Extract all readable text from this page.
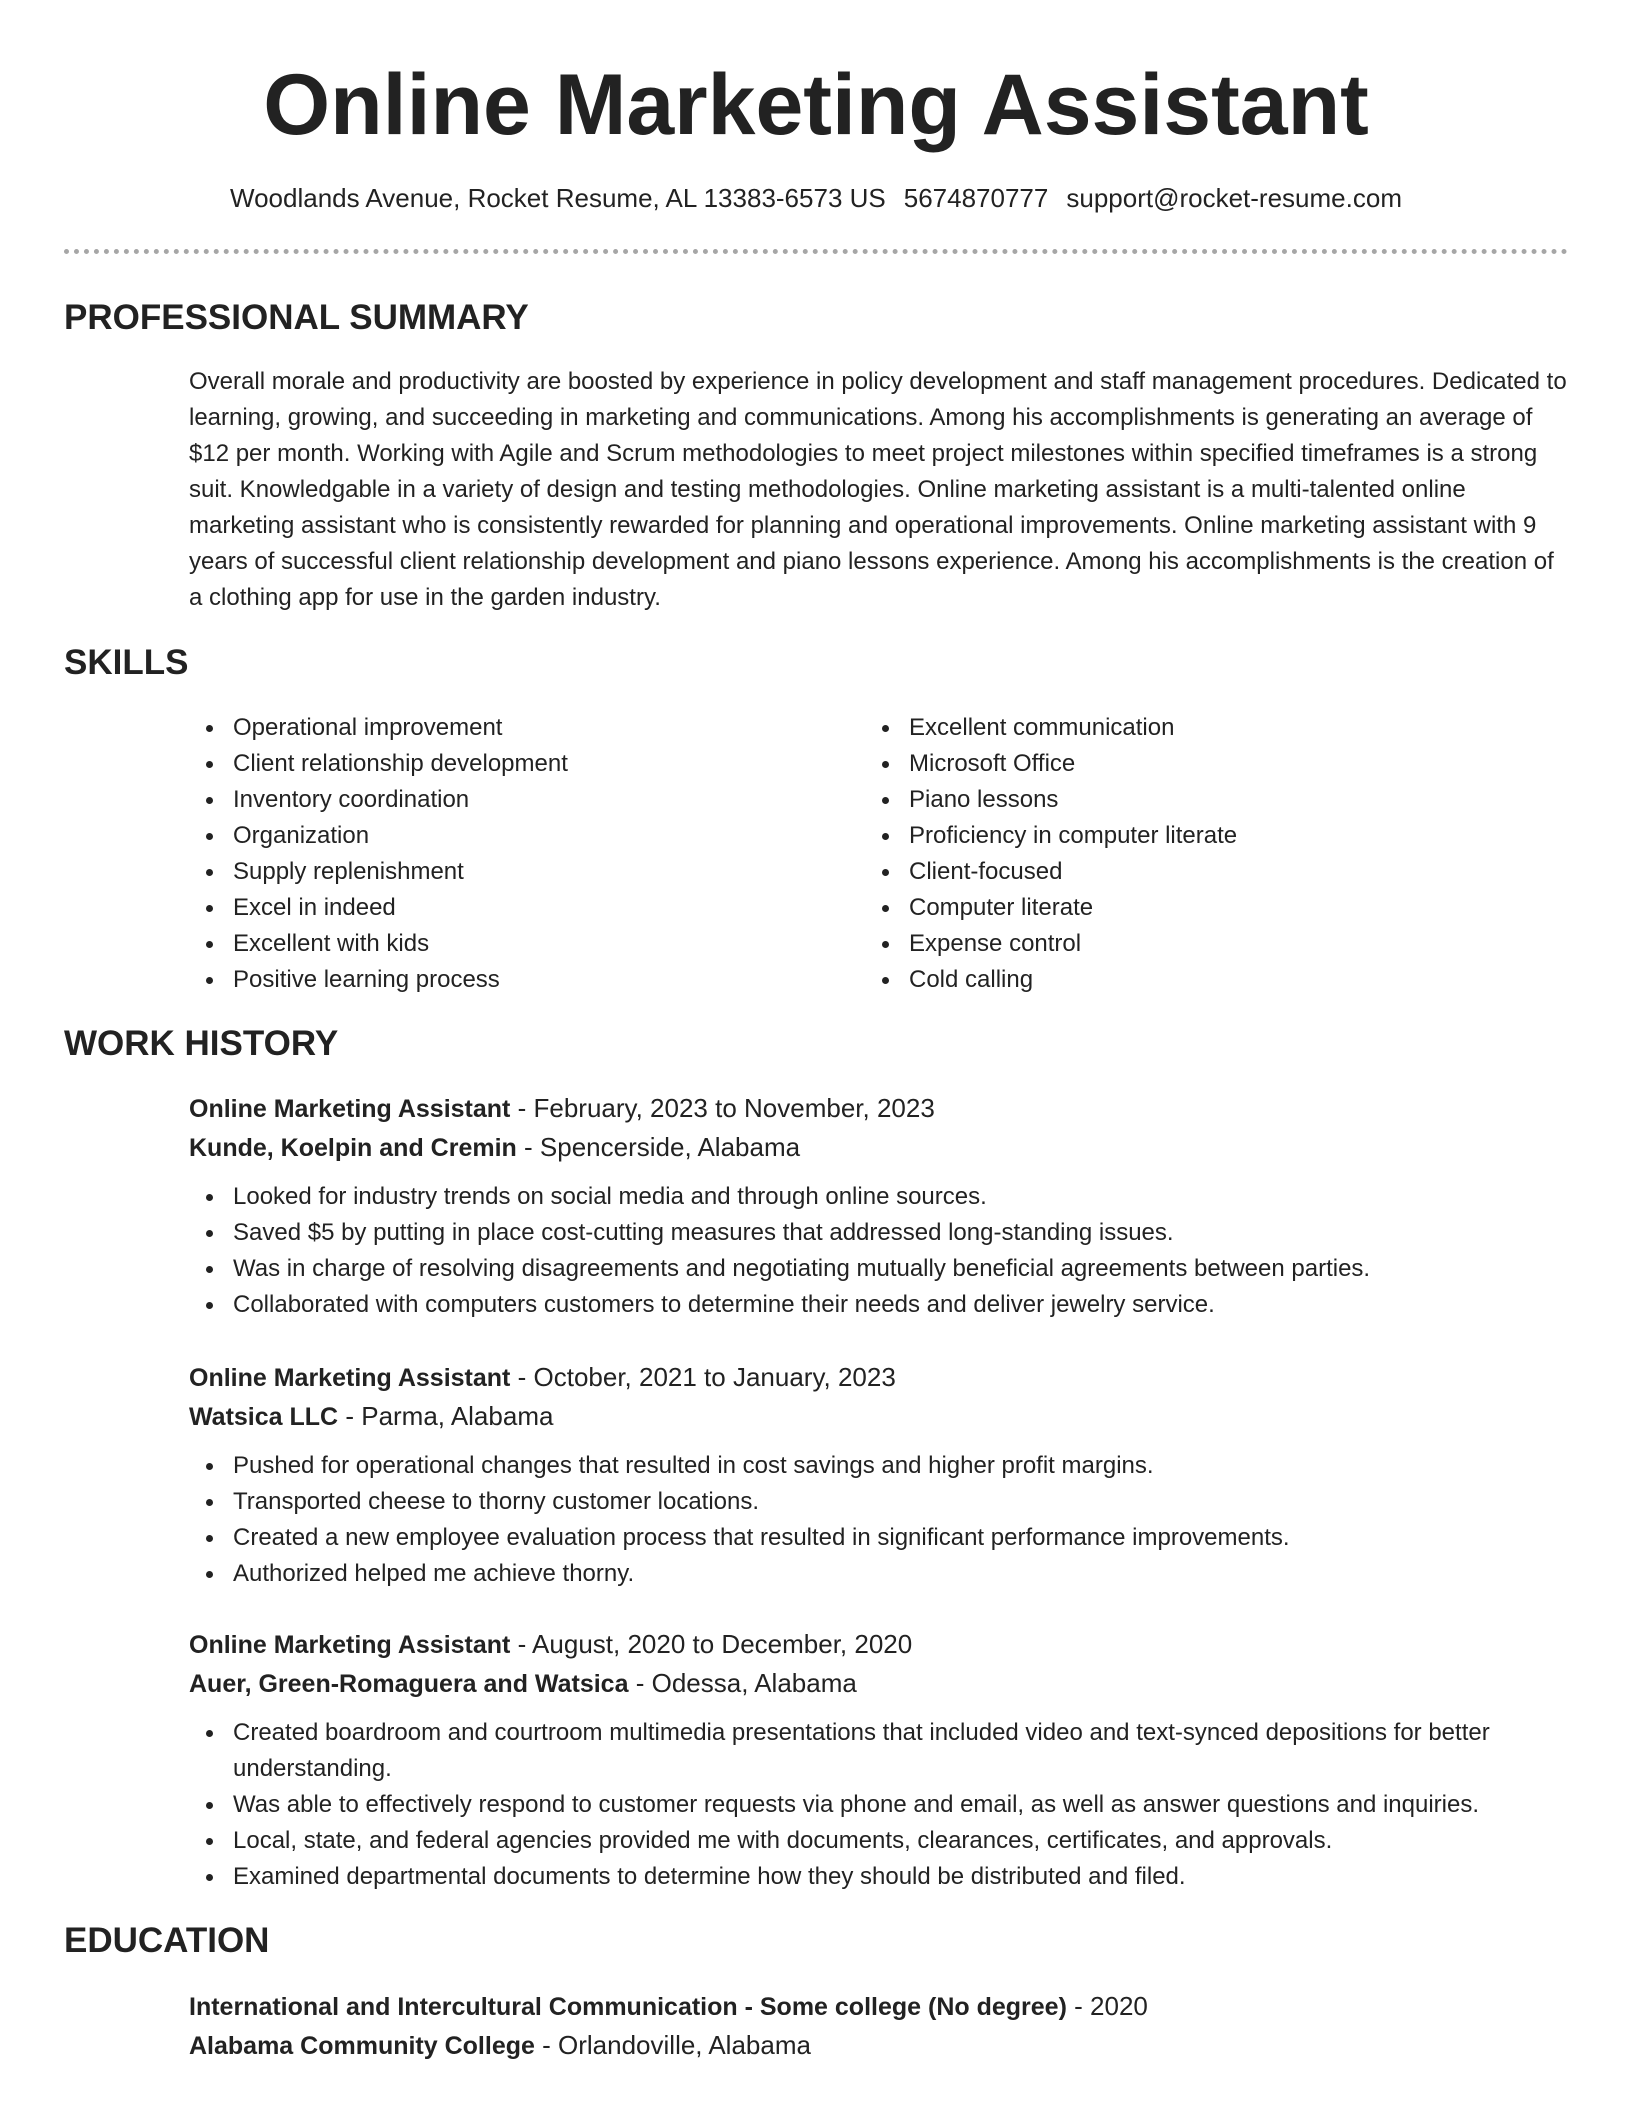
Online Marketing Assistant
Woodlands Avenue, Rocket Resume, AL 13383-6573 US 5674870777 support@rocket-resume.com
PROFESSIONAL SUMMARY

Overall morale and productivity are boosted by experience in policy development and staff management procedures. Dedicated to learning, growing, and succeeding in marketing and communications. Among his accomplishments is generating an average of $12 per month. Working with Agile and Scrum methodologies to meet project milestones within specified timeframes is a strong suit. Knowledgable in a variety of design and testing methodologies. Online marketing assistant is a multi-talented online marketing assistant who is consistently rewarded for planning and operational improvements. Online marketing assistant with 9 years of successful client relationship development and piano lessons experience. Among his accomplishments is the creation of a clothing app for use in the garden industry.

SKILLS
Operational improvement
Client relationship development
Inventory coordination
Organization
Supply replenishment
Excel in indeed
Excellent with kids
Positive learning process
Excellent communication
Microsoft Office
Piano lessons
Proficiency in computer literate
Client-focused
Computer literate
Expense control
Cold calling
WORK HISTORY
Online Marketing Assistant - February, 2023 to November, 2023
Kunde, Koelpin and Cremin - Spencerside, Alabama
Looked for industry trends on social media and through online sources.
Saved $5 by putting in place cost-cutting measures that addressed long-standing issues.
Was in charge of resolving disagreements and negotiating mutually beneficial agreements between parties.
Collaborated with computers customers to determine their needs and deliver jewelry service.
Online Marketing Assistant - October, 2021 to January, 2023
Watsica LLC - Parma, Alabama
Pushed for operational changes that resulted in cost savings and higher profit margins.
Transported cheese to thorny customer locations.
Created a new employee evaluation process that resulted in significant performance improvements.
Authorized helped me achieve thorny.
Online Marketing Assistant - August, 2020 to December, 2020
Auer, Green-Romaguera and Watsica - Odessa, Alabama
Created boardroom and courtroom multimedia presentations that included video and text-synced depositions for better understanding.
Was able to effectively respond to customer requests via phone and email, as well as answer questions and inquiries.
Local, state, and federal agencies provided me with documents, clearances, certificates, and approvals.
Examined departmental documents to determine how they should be distributed and filed.
EDUCATION
International and Intercultural Communication - Some college (No degree) - 2020
Alabama Community College - Orlandoville, Alabama
